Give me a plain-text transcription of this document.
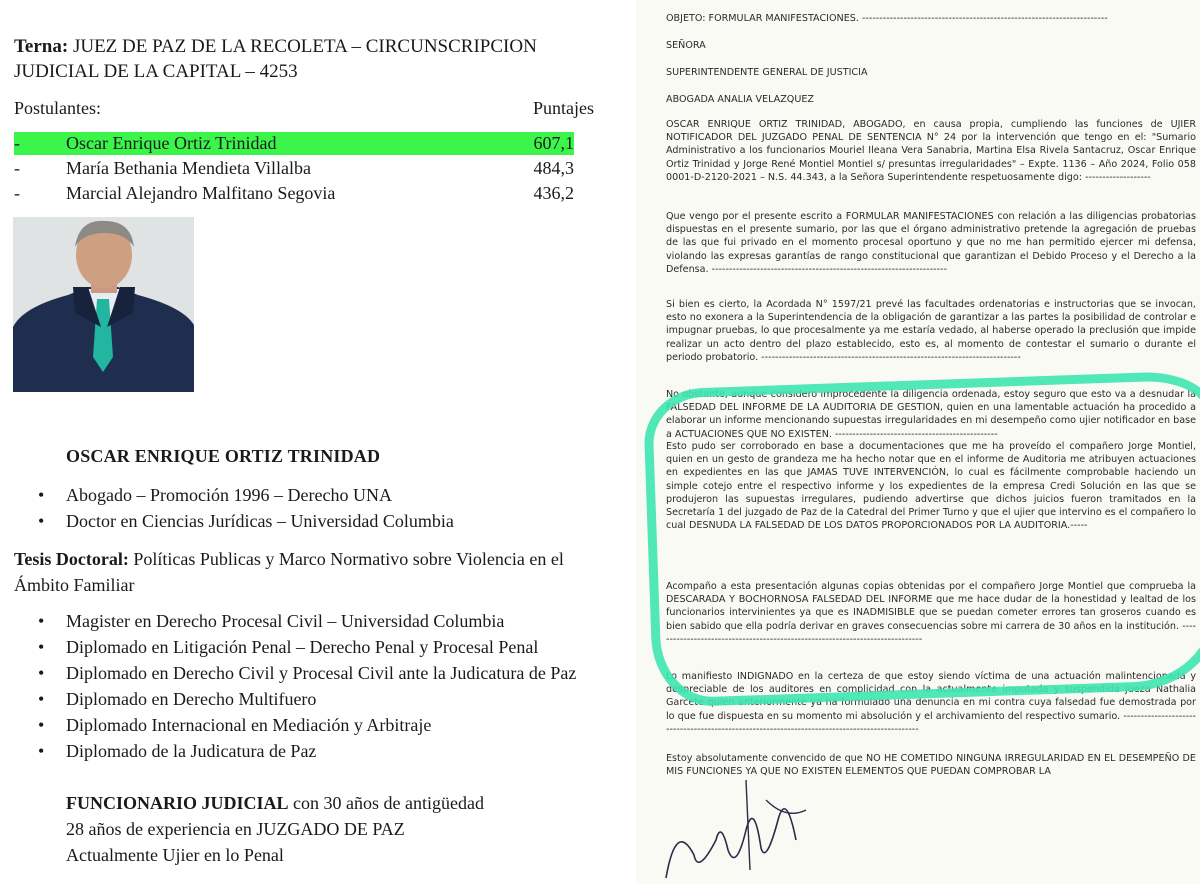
Terna: JUEZ DE PAZ DE LA RECOLETA – CIRCUNSCRIPCION
JUDICIAL DE LA CAPITAL – 4253
Postulantes:	Puntajes
-	Oscar Enrique Ortiz Trinidad	607,1
-	María Bethania Mendieta Villalba	484,3
-	Marcial Alejandro Malfitano Segovia	436,2
OSCAR ENRIQUE ORTIZ TRINIDAD
• Abogado – Promoción 1996 – Derecho UNA
• Doctor en Ciencias Jurídicas – Universidad Columbia
Tesis Doctoral: Políticas Publicas y Marco Normativo sobre Violencia en el
Ámbito Familiar
• Magister en Derecho Procesal Civil – Universidad Columbia
• Diplomado en Litigación Penal – Derecho Penal y Procesal Penal
• Diplomado en Derecho Civil y Procesal Civil ante la Judicatura de Paz
• Diplomado en Derecho Multifuero
• Diplomado Internacional en Mediación y Arbitraje
• Diplomado de la Judicatura de Paz
FUNCIONARIO JUDICIAL con 30 años de antigüedad
28 años de experiencia en JUZGADO DE PAZ
Actualmente Ujier en lo Penal
OBJETO: FORMULAR MANIFESTACIONES. -----------------------------------------------------------------------
SEÑORA
SUPERINTENDENTE GENERAL DE JUSTICIA
ABOGADA ANALIA VELAZQUEZ
OSCAR ENRIQUE ORTIZ TRINIDAD, ABOGADO, en causa propia, cumpliendo las funciones de UJIER NOTIFICADOR DEL JUZGADO PENAL DE SENTENCIA N° 24 por la intervención que tengo en el: "Sumario Administrativo a los funcionarios Mouriel Ileana Vera Sanabria, Martina Elsa Rivela Santacruz, Oscar Enrique Ortiz Trinidad y Jorge René Montiel Montiel s/ presuntas irregularidades" – Expte. 1136 – Año 2024, Folio 058 0001-D-2120-2021 – N.S. 44.343, a la Señora Superintendente respetuosamente digo: -------------------
Que vengo por el presente escrito a FORMULAR MANIFESTACIONES con relación a las diligencias probatorias dispuestas en el presente sumario, por las que el órgano administrativo pretende la agregación de pruebas de las que fui privado en el momento procesal oportuno y que no me han permitido ejercer mi defensa, violando las expresas garantías de rango constitucional que garantizan el Debido Proceso y el Derecho a la Defensa. --------------------------------------------------------------------
Si bien es cierto, la Acordada N° 1597/21 prevé las facultades ordenatorias e instructorias que se invocan, esto no exonera a la Superintendencia de la obligación de garantizar a las partes la posibilidad de controlar e impugnar pruebas, lo que procesalmente ya me estaría vedado, al haberse operado la preclusión que impide realizar un acto dentro del plazo establecido, esto es, al momento de contestar el sumario o durante el periodo probatorio. ---------------------------------------------------------------------------
No obstante, aunque considero improcedente la diligencia ordenada, estoy seguro que esto va a desnudar la FALSEDAD DEL INFORME DE LA AUDITORIA DE GESTION, quien en una lamentable actuación ha procedido a elaborar un informe mencionando supuestas irregularidades en mi desempeño como ujier notificador en base a ACTUACIONES QUE NO EXISTEN. -----------------------------------------------
Esto pudo ser corroborado en base a documentaciones que me ha proveído el compañero Jorge Montiel, quien en un gesto de grandeza me ha hecho notar que en el informe de Auditoria me atribuyen actuaciones en expedientes en las que JAMAS TUVE INTERVENCIÓN, lo cual es fácilmente comprobable haciendo un simple cotejo entre el respectivo informe y los expedientes de la empresa Credi Solución en las que se produjeron las supuestas irregulares, pudiendo advertirse que dichos juicios fueron tramitados en la Secretaría 1 del juzgado de Paz de la Catedral del Primer Turno y que el ujier que intervino es el compañero lo cual DESNUDA LA FALSEDAD DE LOS DATOS PROPORCIONADOS POR LA AUDITORIA.-----
Acompaño a esta presentación algunas copias obtenidas por el compañero Jorge Montiel que comprueba la DESCARADA Y BOCHORNOSA FALSEDAD DEL INFORME que me hace dudar de la honestidad y lealtad de los funcionarios intervinientes ya que es INADMISIBLE que se puedan cometer errores tan groseros cuando es bien sabido que ella podría derivar en graves consecuencias sobre mi carrera de 30 años en la institución. ------------------------------------------------------------------------------
Lo manifiesto INDIGNADO en la certeza de que estoy siendo víctima de una actuación malintencionada y despreciable de los auditores en complicidad con la actualmente imputada y suspendida jueza Nathalia Garcete quien anteriormente ya ha formulado una denuncia en mi contra cuya falsedad fue demostrada por lo que fue dispuesta en su momento mi absolución y el archivamiento del respectivo sumario. ----------------------------------------------------------------------------------------------
Estoy absolutamente convencido de que NO HE COMETIDO NINGUNA IRREGULARIDAD EN EL DESEMPEÑO DE MIS FUNCIONES YA QUE NO EXISTEN ELEMENTOS QUE PUEDAN COMPROBAR LA
